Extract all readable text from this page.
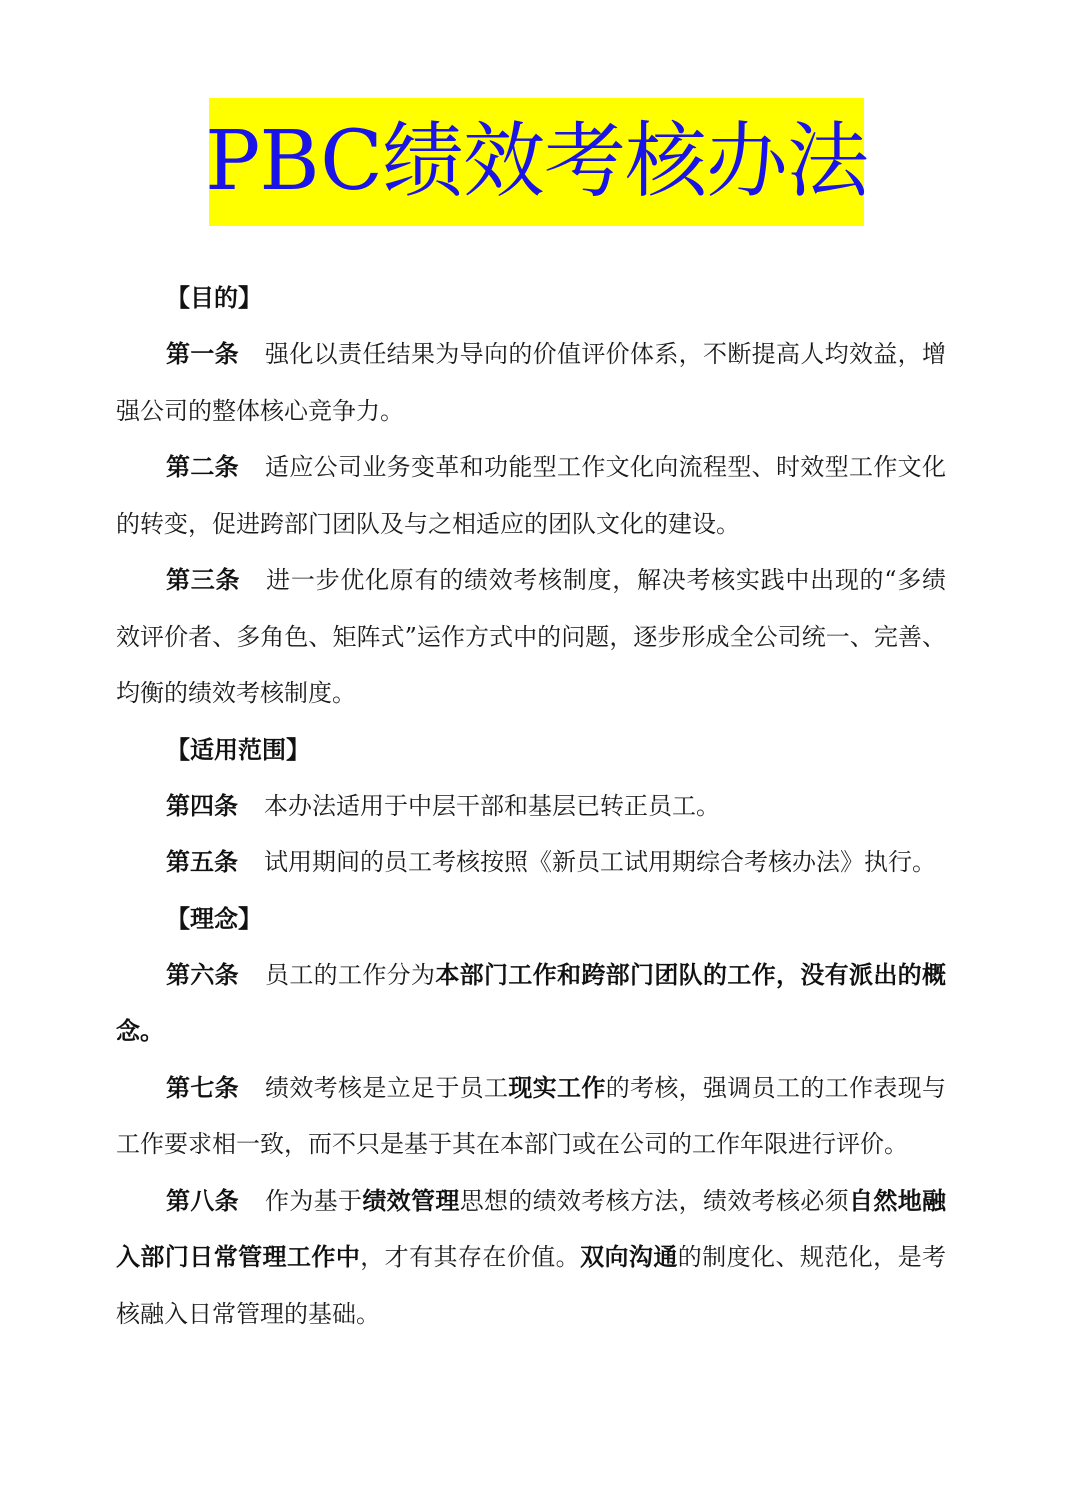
PBC绩效考核办法
【目的】

第一条 强化以责任结果为导向的价值评价体系，不断提高人均效益，增强公司的整体核心竞争力。

第二条 适应公司业务变革和功能型工作文化向流程型、时效型工作文化的转变，促进跨部门团队及与之相适应的团队文化的建设。

第三条 进一步优化原有的绩效考核制度，解决考核实践中出现的“多绩效评价者、多角色、矩阵式”运作方式中的问题，逐步形成全公司统一、完善、均衡的绩效考核制度。

【适用范围】

第四条 本办法适用于中层干部和基层已转正员工。

第五条 试用期间的员工考核按照《新员工试用期综合考核办法》执行。

【理念】

第六条 员工的工作分为本部门工作和跨部门团队的工作，没有派出的概念。

第七条 绩效考核是立足于员工现实工作的考核，强调员工的工作表现与工作要求相一致，而不只是基于其在本部门或在公司的工作年限进行评价。

第八条 作为基于绩效管理思想的绩效考核方法，绩效考核必须自然地融入部门日常管理工作中，才有其存在价值。双向沟通的制度化、规范化，是考核融入日常管理的基础。
